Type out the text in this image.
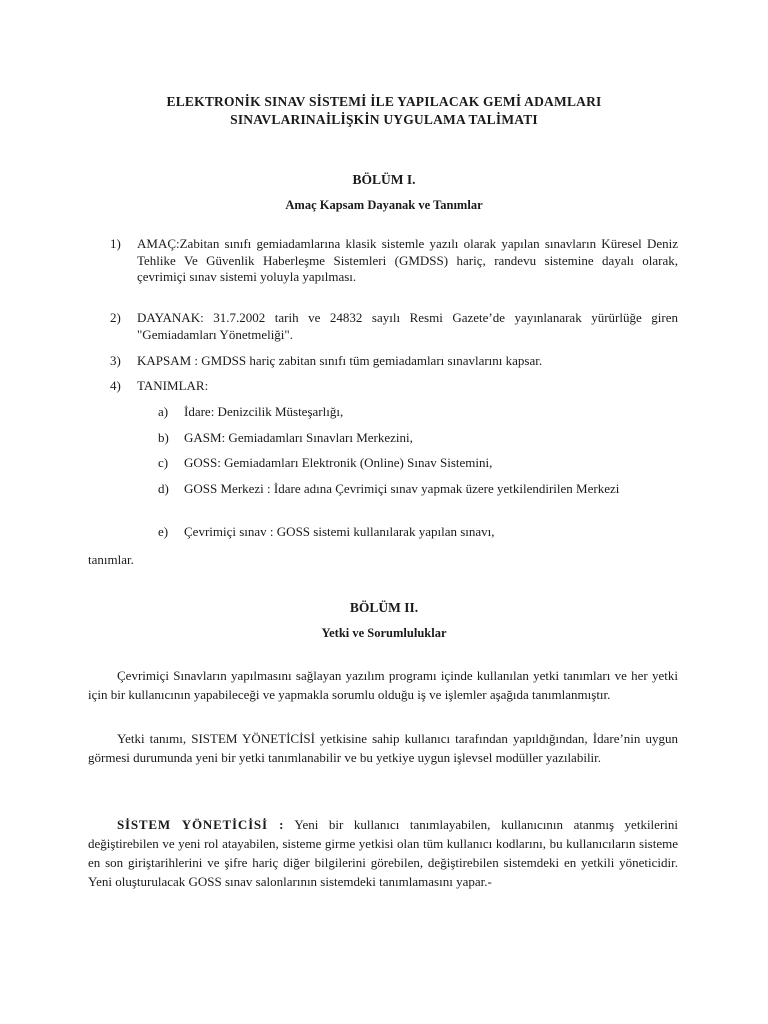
ELEKTRONİK SINAV SİSTEMİ İLE YAPILACAK GEMİ ADAMLARI
SINAVLARINAİLİŞKİN UYGULAMA TALİMATI
BÖLÜM I.
Amaç Kapsam Dayanak ve Tanımlar
1) AMAÇ:Zabitan sınıfı gemiadamlarına klasik sistemle yazılı olarak yapılan sınavların Küresel Deniz Tehlike Ve Güvenlik Haberleşme Sistemleri (GMDSS) hariç, randevu sistemine dayalı olarak, çevrimiçi sınav sistemi yoluyla yapılması.
2) DAYANAK: 31.7.2002 tarih ve 24832 sayılı Resmi Gazete’de yayınlanarak yürürlüğe giren "Gemiadamları Yönetmeliği".
3) KAPSAM : GMDSS hariç zabitan sınıfı tüm gemiadamları sınavlarını kapsar.
4) TANIMLAR:
a) İdare: Denizcilik Müsteşarlığı,
b) GASM: Gemiadamları Sınavları Merkezini,
c) GOSS: Gemiadamları Elektronik (Online) Sınav Sistemini,
d) GOSS Merkezi : İdare adına Çevrimiçi sınav yapmak üzere yetkilendirilen Merkezi
e) Çevrimiçi sınav : GOSS sistemi kullanılarak yapılan sınavı,

tanımlar.

BÖLÜM II.
Yetki ve Sorumluluklar

Çevrimiçi Sınavların yapılmasını sağlayan yazılım programı içinde kullanılan yetki tanımları ve her yetki için bir kullanıcının yapabileceği ve yapmakla sorumlu olduğu iş ve işlemler aşağıda tanımlanmıştır.

Yetki tanımı, SISTEM YÖNETİCİSİ yetkisine sahip kullanıcı tarafından yapıldığından, İdare’nin uygun görmesi durumunda yeni bir yetki tanımlanabilir ve bu yetkiye uygun işlevsel modüller yazılabilir.

SİSTEM YÖNETİCİSİ : Yeni bir kullanıcı tanımlayabilen, kullanıcının atanmış yetkilerini değiştirebilen ve yeni rol atayabilen, sisteme girme yetkisi olan tüm kullanıcı kodlarını, bu kullanıcıların sisteme en son giriştarihlerini ve şifre hariç diğer bilgilerini görebilen, değiştirebilen sistemdeki en yetkili yöneticidir. Yeni oluşturulacak GOSS sınav salonlarının sistemdeki tanımlamasını yapar.-
